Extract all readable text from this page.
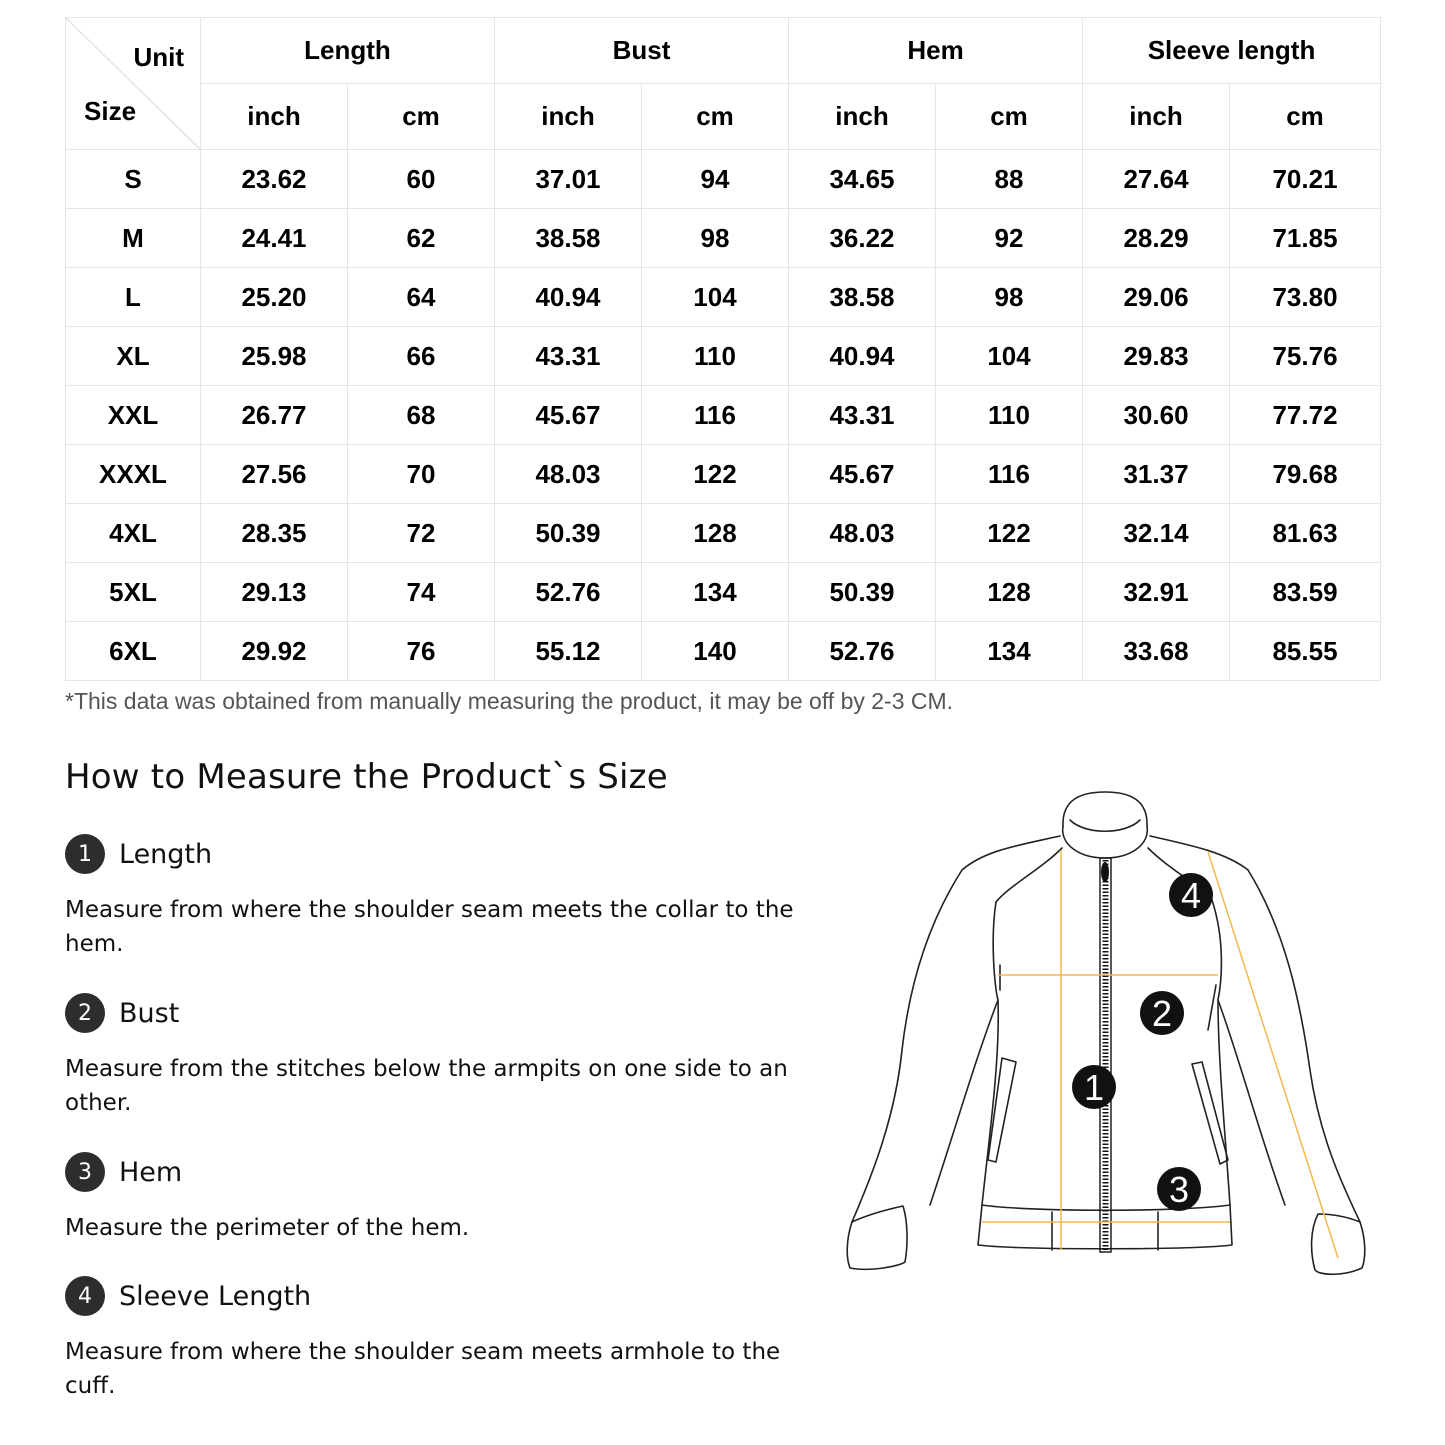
Unit
Size	Length		Bust		Hem		Sleeve length	
	inch	cm	inch	cm	inch	cm	inch	cm
S	23.62	60	37.01	94	34.65	88	27.64	70.21
M	24.41	62	38.58	98	36.22	92	28.29	71.85
L	25.20	64	40.94	104	38.58	98	29.06	73.80
XL	25.98	66	43.31	110	40.94	104	29.83	75.76
XXL	26.77	68	45.67	116	43.31	110	30.60	77.72
XXXL	27.56	70	48.03	122	45.67	116	31.37	79.68
4XL	28.35	72	50.39	128	48.03	122	32.14	81.63
5XL	29.13	74	52.76	134	50.39	128	32.91	83.59
6XL	29.92	76	55.12	140	52.76	134	33.68	85.55
*This data was obtained from manually measuring the product, it may be off by 2-3 CM.
How to Measure the Product`s Size
1	Length
Measure from where the shoulder seam meets the collar to the hem.
2	Bust
Measure from the stitches below the armpits on one side to an other.
3	Hem
Measure the perimeter of the hem.
4	Sleeve Length
Measure from where the shoulder seam meets armhole to the cuff.
1
2
3
4
